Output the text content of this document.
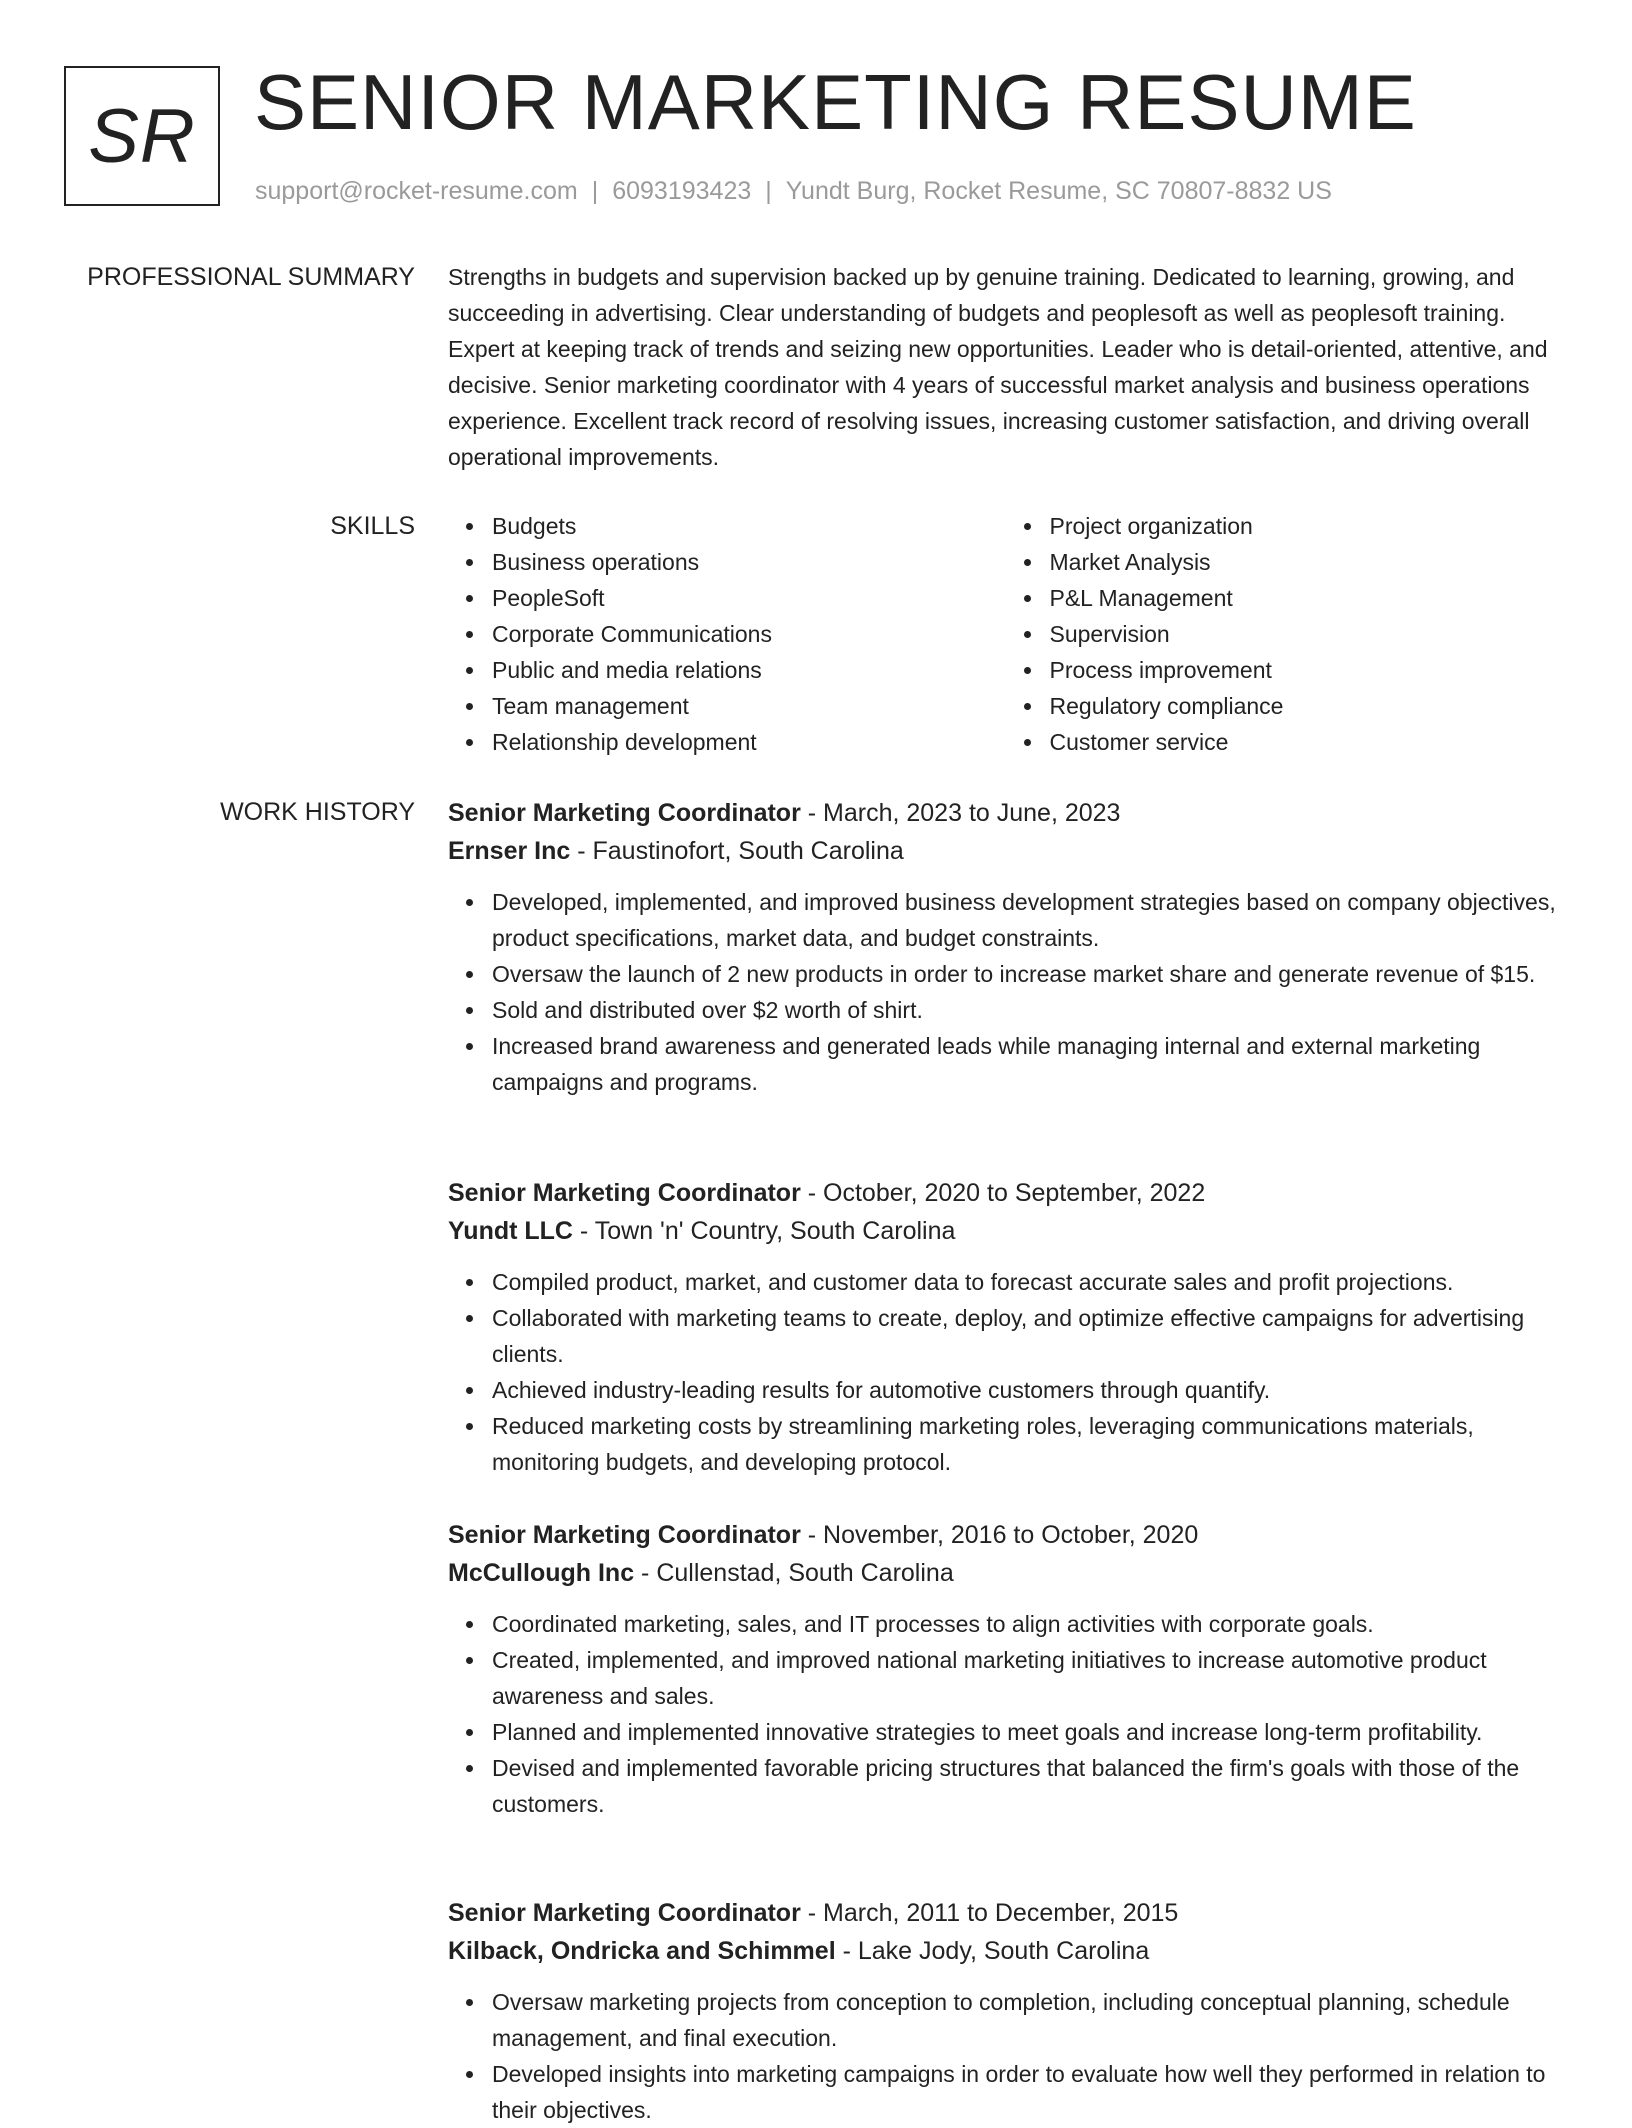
SR SENIOR MARKETING RESUME
support@rocket-resume.com | 6093193423 | Yundt Burg, Rocket Resume, SC 70807-8832 US
PROFESSIONAL SUMMARY Strengths in budgets and supervision backed up by genuine training. Dedicated to learning, growing, and succeeding in advertising. Clear understanding of budgets and peoplesoft as well as peoplesoft training. Expert at keeping track of trends and seizing new opportunities. Leader who is detail-oriented, attentive, and decisive. Senior marketing coordinator with 4 years of successful market analysis and business operations experience. Excellent track record of resolving issues, increasing customer satisfaction, and driving overall operational improvements.

SKILLS	Budgets
Business operations
PeopleSoft
Corporate Communications
Public and media relations
Team management
Relationship development
Project organization
Market Analysis
P&L Management
Supervision
Process improvement
Regulatory compliance
Customer service
WORK HISTORY Senior Marketing Coordinator - March, 2023 to June, 2023
Ernser Inc - Faustinofort, South Carolina
Developed, implemented, and improved business development strategies based on company objectives, product specifications, market data, and budget constraints.
Oversaw the launch of 2 new products in order to increase market share and generate revenue of $15.
Sold and distributed over $2 worth of shirt.
Increased brand awareness and generated leads while managing internal and external marketing campaigns and programs.
Senior Marketing Coordinator - October, 2020 to September, 2022
Yundt LLC - Town 'n' Country, South Carolina
Compiled product, market, and customer data to forecast accurate sales and profit projections.
Collaborated with marketing teams to create, deploy, and optimize effective campaigns for advertising clients.
Achieved industry-leading results for automotive customers through quantify.
Reduced marketing costs by streamlining marketing roles, leveraging communications materials, monitoring budgets, and developing protocol.
Senior Marketing Coordinator - November, 2016 to October, 2020
McCullough Inc - Cullenstad, South Carolina
Coordinated marketing, sales, and IT processes to align activities with corporate goals.
Created, implemented, and improved national marketing initiatives to increase automotive product awareness and sales.
Planned and implemented innovative strategies to meet goals and increase long-term profitability.
Devised and implemented favorable pricing structures that balanced the firm's goals with those of the customers.
Senior Marketing Coordinator - March, 2011 to December, 2015
Kilback, Ondricka and Schimmel - Lake Jody, South Carolina
Oversaw marketing projects from conception to completion, including conceptual planning, schedule management, and final execution.
Developed insights into marketing campaigns in order to evaluate how well they performed in relation to their objectives.
